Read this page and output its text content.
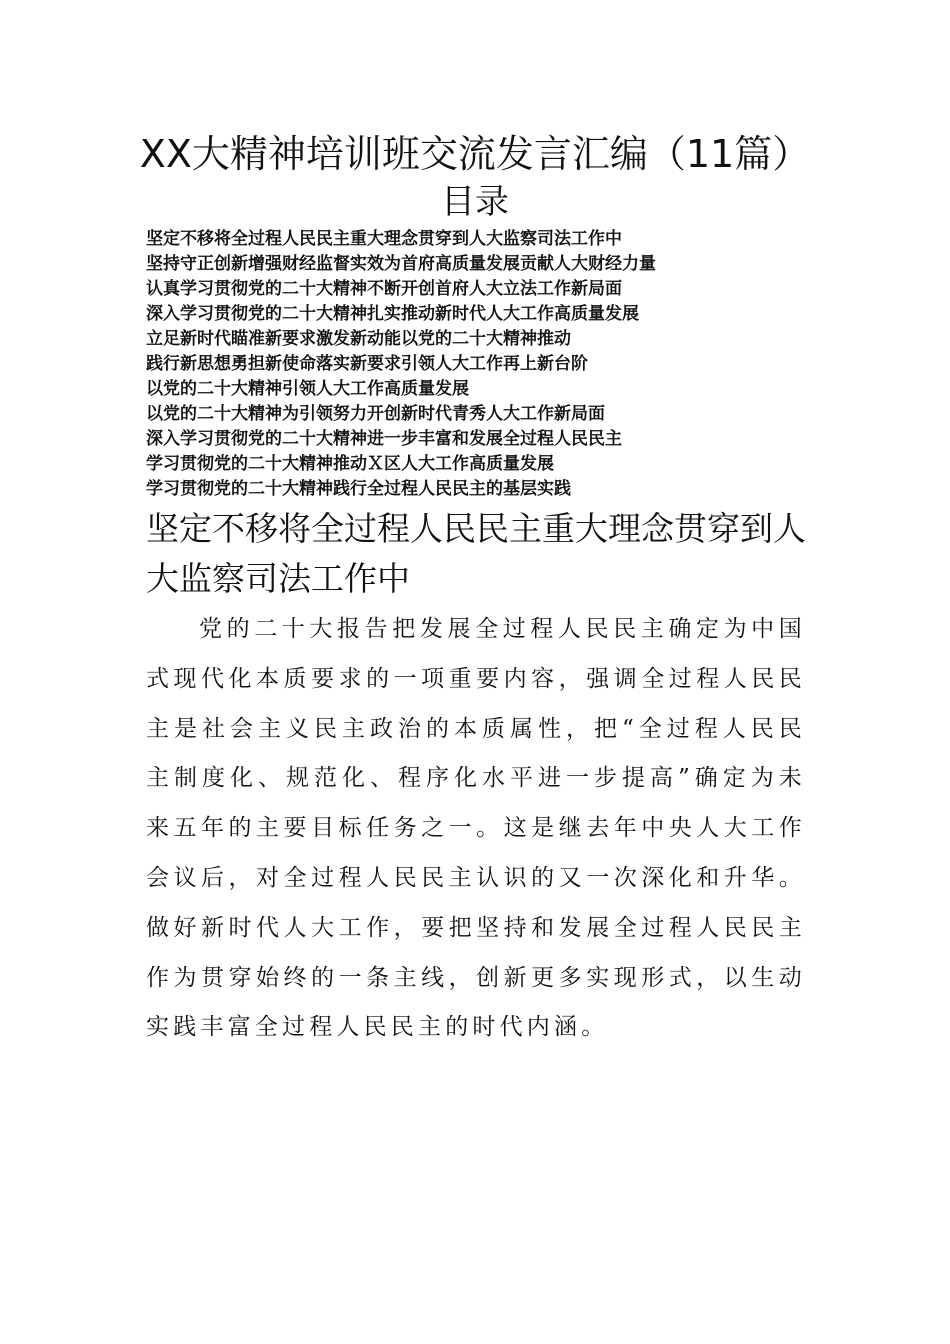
XX大精神培训班交流发言汇编（11篇）
目录
坚定不移将全过程人民民主重大理念贯穿到人大监察司法工作中
坚持守正创新增强财经监督实效为首府高质量发展贡献人大财经力量
认真学习贯彻党的二十大精神不断开创首府人大立法工作新局面
深入学习贯彻党的二十大精神扎实推动新时代人大工作高质量发展
立足新时代瞄准新要求激发新动能以党的二十大精神推动
践行新思想勇担新使命落实新要求引领人大工作再上新台阶
以党的二十大精神引领人大工作高质量发展
以党的二十大精神为引领努力开创新时代青秀人大工作新局面
深入学习贯彻党的二十大精神进一步丰富和发展全过程人民民主
学习贯彻党的二十大精神推动Ｘ区人大工作高质量发展
学习贯彻党的二十大精神践行全过程人民民主的基层实践
坚定不移将全过程人民民主重大理念贯穿到人大监察司法工作中

党的二十大报告把发展全过程人民民主确定为中国式现代化本质要求的一项重要内容，强调全过程人民民主是社会主义民主政治的本质属性，把“全过程人民民主制度化、规范化、程序化水平进一步提高”确定为未来五年的主要目标任务之一。这是继去年中央人大工作会议后，对全过程人民民主认识的又一次深化和升华。做好新时代人大工作，要把坚持和发展全过程人民民主作为贯穿始终的一条主线，创新更多实现形式，以生动实践丰富全过程人民民主的时代内涵。
